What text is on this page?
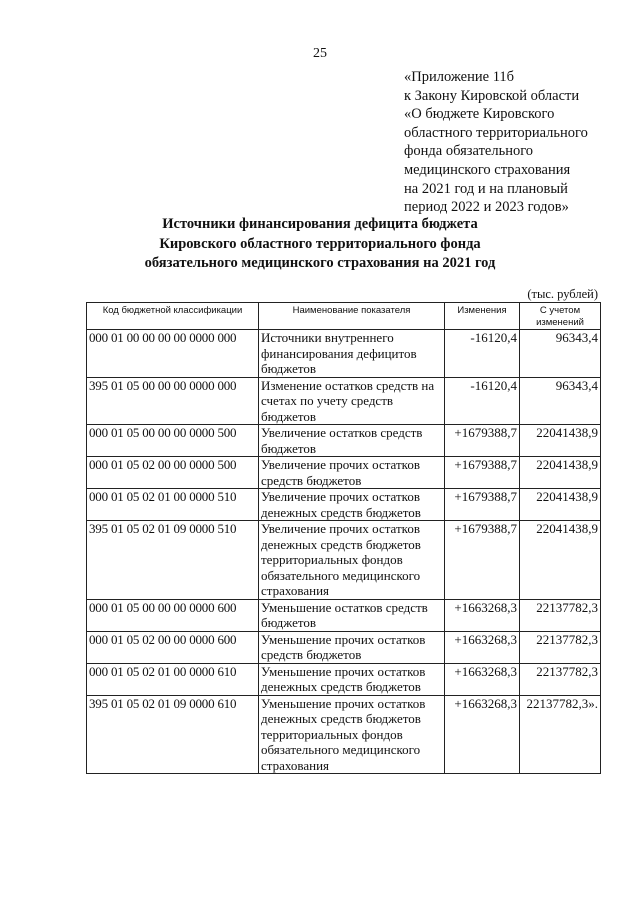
25
«Приложение 11б
к Закону Кировской области
«О бюджете Кировского
областного территориального
фонда обязательного
медицинского страхования
на 2021 год и на плановый
период 2022 и 2023 годов»
Источники финансирования дефицита бюджета
Кировского областного территориального фонда
обязательного медицинского страхования на 2021 год
(тыс. рублей)
Код бюджетной классификации	Наименование показателя	Изменения	С учетом изменений
000 01 00 00 00 00 0000 000	Источники внутреннего финансирования дефицитов бюджетов	-16120,4	96343,4
395 01 05 00 00 00 0000 000	Изменение остатков средств на счетах по учету средств бюджетов	-16120,4	96343,4
000 01 05 00 00 00 0000 500	Увеличение остатков средств бюджетов	+1679388,7	22041438,9
000 01 05 02 00 00 0000 500	Увеличение прочих остатков средств бюджетов	+1679388,7	22041438,9
000 01 05 02 01 00 0000 510	Увеличение прочих остатков денежных средств бюджетов	+1679388,7	22041438,9
395 01 05 02 01 09 0000 510	Увеличение прочих остатков денежных средств бюджетов территориальных фондов обязательного медицинского страхования	+1679388,7	22041438,9
000 01 05 00 00 00 0000 600	Уменьшение остатков средств бюджетов	+1663268,3	22137782,3
000 01 05 02 00 00 0000 600	Уменьшение прочих остатков средств бюджетов	+1663268,3	22137782,3
000 01 05 02 01 00 0000 610	Уменьшение прочих остатков денежных средств бюджетов	+1663268,3	22137782,3
395 01 05 02 01 09 0000 610	Уменьшение прочих остатков денежных средств бюджетов территориальных фондов обязательного медицинского страхования	+1663268,3	22137782,3».
